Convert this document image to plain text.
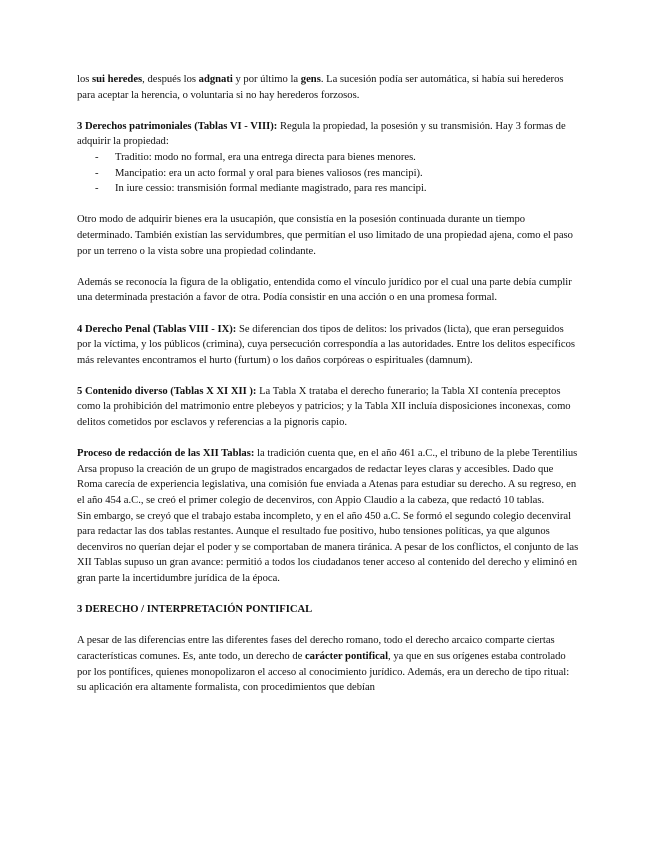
los sui heredes, después los adgnati y por último la gens. La sucesión podía ser automática, si había sui herederos para aceptar la herencia, o voluntaria si no hay herederos forzosos.

3 Derechos patrimoniales (Tablas VI - VIII): Regula la propiedad, la posesión y su transmisión. Hay 3 formas de adquirir la propiedad:

- Traditio: modo no formal, era una entrega directa para bienes menores.
- Mancipatio: era un acto formal y oral para bienes valiosos (res mancipi).
- In iure cessio: transmisión formal mediante magistrado, para res mancipi.

Otro modo de adquirir bienes era la usucapión, que consistía en la posesión continuada durante un tiempo determinado. También existían las servidumbres, que permitían el uso limitado de una propiedad ajena, como el paso por un terreno o la vista sobre una propiedad colindante.

Además se reconocía la figura de la obligatio, entendida como el vínculo jurídico por el cual una parte debía cumplir una determinada prestación a favor de otra. Podía consistir en una acción o en una promesa formal.

4 Derecho Penal (Tablas VIII - IX): Se diferencian dos tipos de delitos: los privados (licta), que eran perseguidos por la víctima, y los públicos (crimina), cuya persecución correspondía a las autoridades. Entre los delitos específicos más relevantes encontramos el hurto (furtum) o los daños corpóreas o espirituales (damnum).

5 Contenido diverso (Tablas X XI XII ): La Tabla X trataba el derecho funerario; la Tabla XI contenía preceptos como la prohibición del matrimonio entre plebeyos y patricios; y la Tabla XII incluía disposiciones inconexas, como delitos cometidos por esclavos y referencias a la pignoris capio.

Proceso de redacción de las XII Tablas: la tradición cuenta que, en el año 461 a.C., el tribuno de la plebe Terentilius Arsa propuso la creación de un grupo de magistrados encargados de redactar leyes claras y accesibles. Dado que Roma carecía de experiencia legislativa, una comisión fue enviada a Atenas para estudiar su derecho. A su regreso, en el año 454 a.C., se creó el primer colegio de decenviros, con Appio Claudio a la cabeza, que redactó 10 tablas.

Sin embargo, se creyó que el trabajo estaba incompleto, y en el año 450 a.C. Se formó el segundo colegio decenviral para redactar las dos tablas restantes. Aunque el resultado fue positivo, hubo tensiones políticas, ya que algunos decenviros no querían dejar el poder y se comportaban de manera tiránica. A pesar de los conflictos, el conjunto de las XII Tablas supuso un gran avance: permitió a todos los ciudadanos tener acceso al contenido del derecho y eliminó en gran parte la incertidumbre jurídica de la época.

3 DERECHO / INTERPRETACIÓN PONTIFICAL

A pesar de las diferencias entre las diferentes fases del derecho romano, todo el derecho arcaico comparte ciertas características comunes. Es, ante todo, un derecho de carácter pontifical, ya que en sus orígenes estaba controlado por los pontífices, quienes monopolizaron el acceso al conocimiento jurídico. Además, era un derecho de tipo ritual: su aplicación era altamente formalista, con procedimientos que debían
